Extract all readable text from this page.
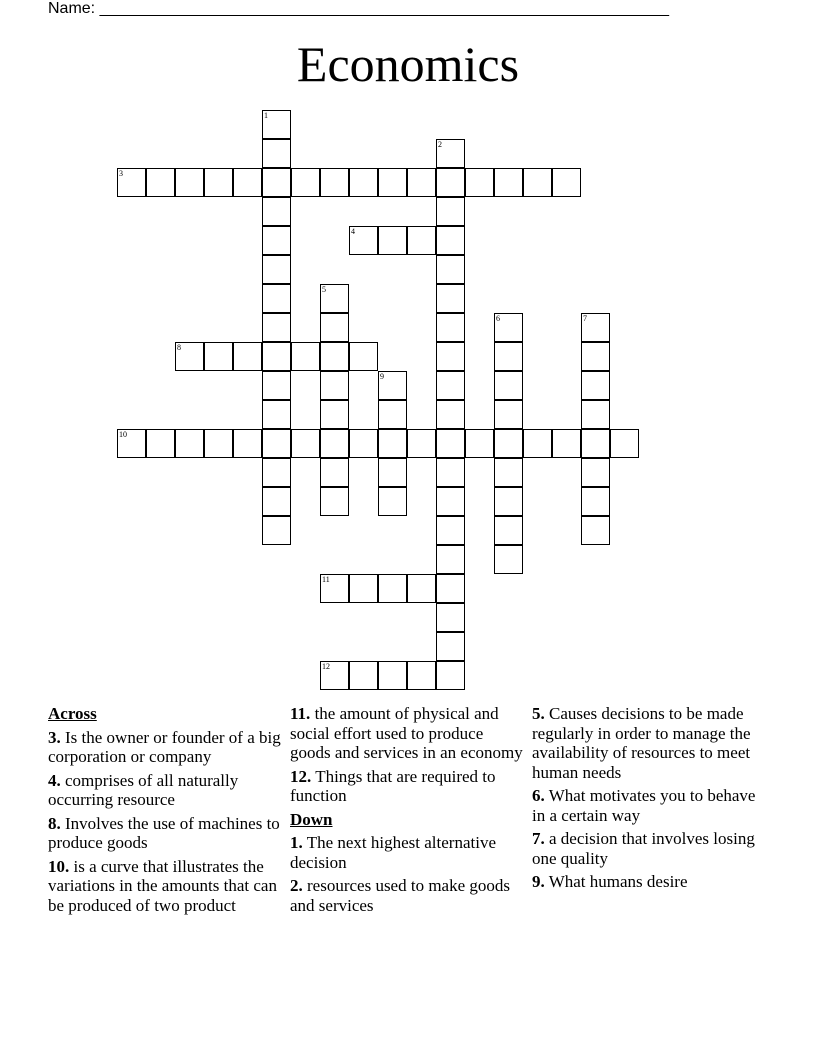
Name: ________________________________________________________________
Economics
1
2
3
4
5
6	7
8
9
10
11
12
Across
3. Is the owner or founder of a big corporation or company
4. comprises of all naturally occurring resource
8. Involves the use of machines to produce goods
10. is a curve that illustrates the variations in the amounts that can be produced of two product
11. the amount of physical and social effort used to produce goods and services in an economy
12. Things that are required to function
Down
1. The next highest alternative decision
2. resources used to make goods and services
5. Causes decisions to be made regularly in order to manage the availability of resources to meet human needs
6. What motivates you to behave in a certain way
7. a decision that involves losing one quality
9. What humans desire
